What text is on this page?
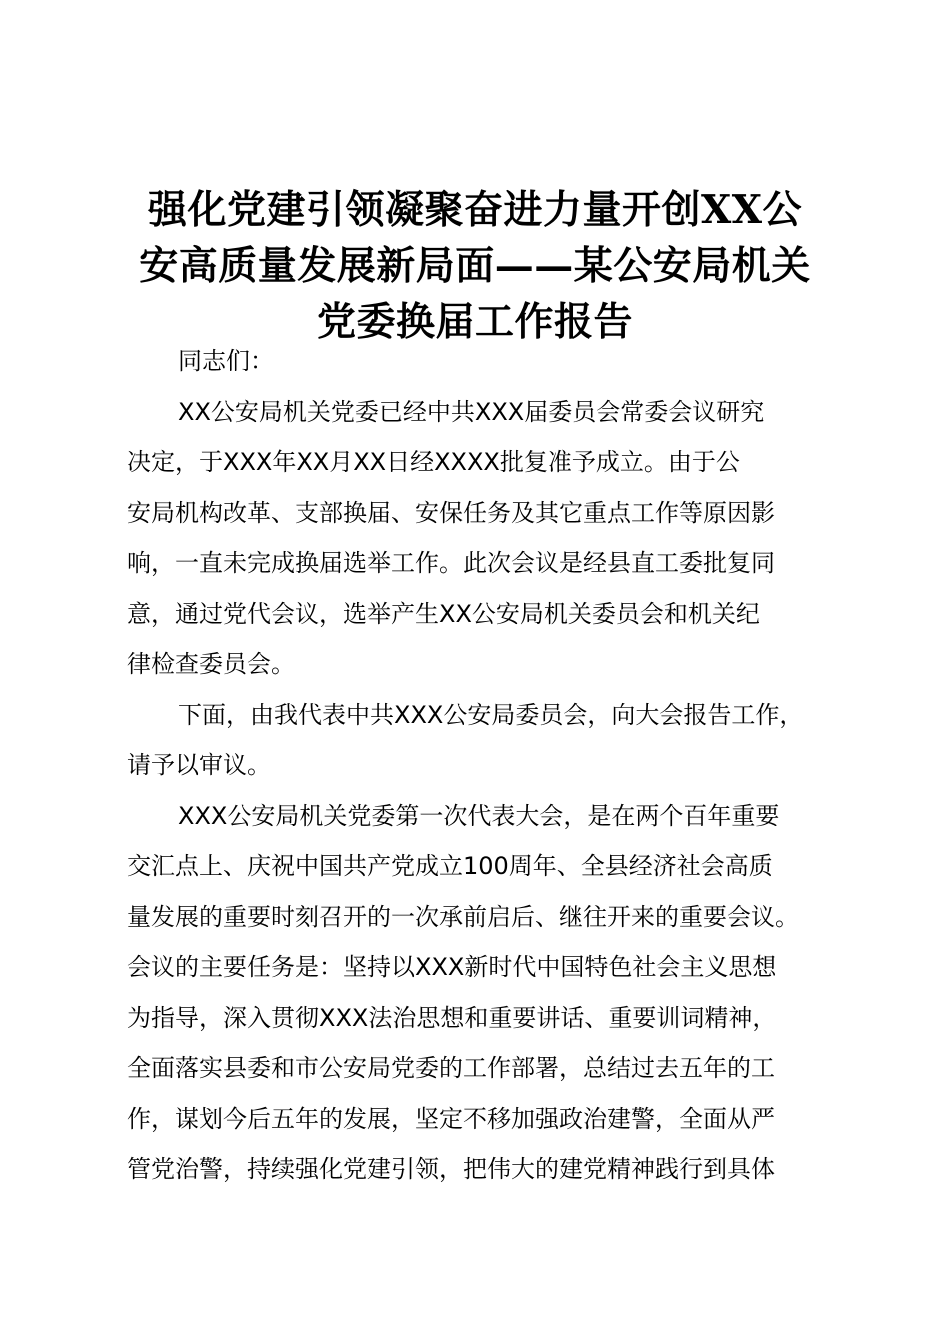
强化党建引领凝聚奋进力量开创XX公
安高质量发展新局面——某公安局机关
党委换届工作报告

同志们：

XX公安局机关党委已经中共XXX届委员会常委会议研究
决定，于XXX年XX月XX日经XXXX批复准予成立。由于公
安局机构改革、支部换届、安保任务及其它重点工作等原因影
响，一直未完成换届选举工作。此次会议是经县直工委批复同
意，通过党代会议，选举产生XX公安局机关委员会和机关纪
律检查委员会。

下面，由我代表中共XXX公安局委员会，向大会报告工作，
请予以审议。

XXX公安局机关党委第一次代表大会，是在两个百年重要
交汇点上、庆祝中国共产党成立100周年、全县经济社会高质
量发展的重要时刻召开的一次承前启后、继往开来的重要会议。
会议的主要任务是：坚持以XXX新时代中国特色社会主义思想
为指导，深入贯彻XXX法治思想和重要讲话、重要训词精神，
全面落实县委和市公安局党委的工作部署，总结过去五年的工
作，谋划今后五年的发展，坚定不移加强政治建警，全面从严
管党治警，持续强化党建引领，把伟大的建党精神践行到具体
